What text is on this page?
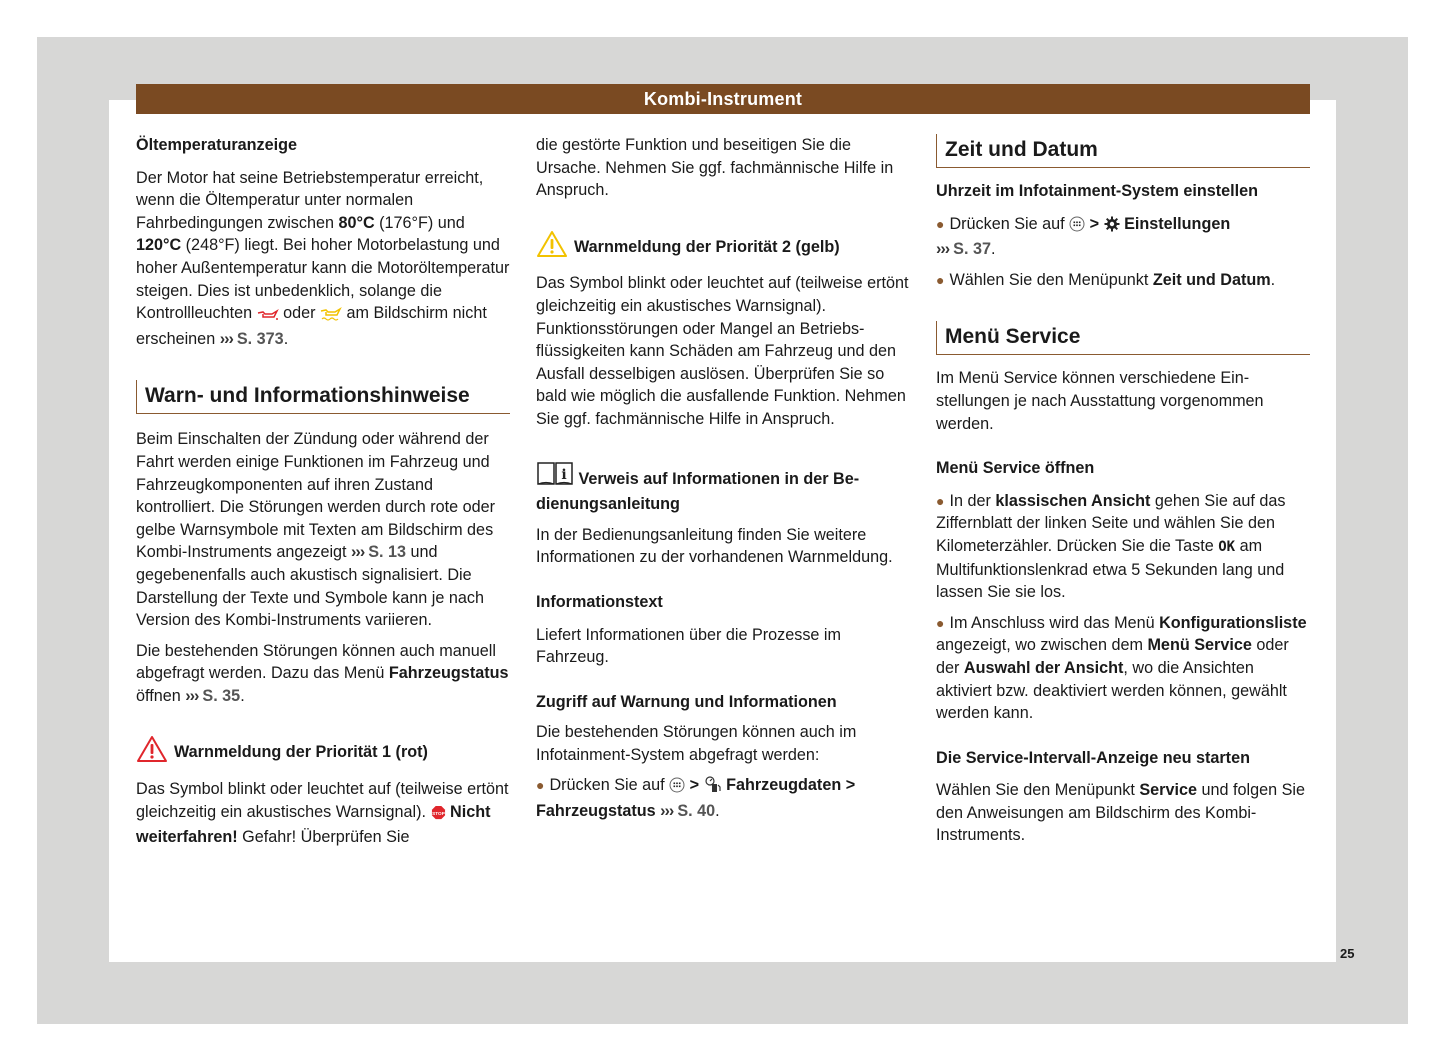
Kombi-Instrument

Öltemperaturanzeige

Der Motor hat seine Betriebstemperatur erreicht, wenn die Öltemperatur unter normalen Fahrbedingungen zwischen 80°C (176°F) und 120°C (248°F) liegt. Bei hoher Motorbelastung und hoher Außentemperatur kann die Motoröltemperatur steigen. Dies ist unbedenklich, solange die Kontrollleuchten  oder  am Bildschirm nicht erscheinen ››› S. 373.

Warn- und Informationshinweise

Beim Einschalten der Zündung oder während der Fahrt werden einige Funktionen im Fahrzeug und Fahrzeugkomponenten auf ihren Zustand kontrolliert. Die Störungen werden durch rote oder gelbe Warnsymbole mit Texten am Bildschirm des Kombi-Instruments angezeigt ››› S. 13 und gegebenenfalls auch akustisch signalisiert. Die Darstellung der Texte und Symbole kann je nach Version des Kombi-Instruments variieren.

Die bestehenden Störungen können auch manuell abgefragt werden. Dazu das Menü Fahrzeugstatus öffnen ››› S. 35.

Warnmeldung der Priorität 1 (rot)

Das Symbol blinkt oder leuchtet auf (teilweise ertönt gleichzeitig ein akustisches Warnsignal). STOP Nicht weiterfahren! Gefahr! Überprüfen Sie

die gestörte Funktion und beseitigen Sie die Ursache. Nehmen Sie ggf. fachmännische Hilfe in Anspruch.

Warnmeldung der Priorität 2 (gelb)

Das Symbol blinkt oder leuchtet auf (teilweise ertönt gleichzeitig ein akustisches Warnsignal). Funktionsstörungen oder Mangel an Betriebsflüssigkeiten kann Schäden am Fahrzeug und den Ausfall desselbigen auslösen. Überprüfen Sie so bald wie möglich die ausfallende Funktion. Nehmen Sie ggf. fachmännische Hilfe in Anspruch.

i Verweis auf Informationen in der Bedienungsanleitung

In der Bedienungsanleitung finden Sie weitere Informationen zu der vorhandenen Warnmeldung.

Informationstext

Liefert Informationen über die Prozesse im Fahrzeug.

Zugriff auf Warnung und Informationen

Die bestehenden Störungen können auch im Infotainment-System abgefragt werden:

● Drücken Sie auf  >  Fahrzeugdaten >
Fahrzeugstatus ››› S. 40.

Zeit und Datum

Uhrzeit im Infotainment-System einstellen

● Drücken Sie auf  >  Einstellungen
››› S. 37.

● Wählen Sie den Menüpunkt Zeit und Datum.

Menü Service

Im Menü Service können verschiedene Einstellungen je nach Ausstattung vorgenommen werden.

Menü Service öffnen

● In der klassischen Ansicht gehen Sie auf das Ziffernblatt der linken Seite und wählen Sie den Kilometerzähler. Drücken Sie die Taste OK am Multifunktionslenkrad etwa 5 Sekunden lang und lassen Sie sie los.

● Im Anschluss wird das Menü Konfigurationsliste angezeigt, wo zwischen dem Menü Service oder der Auswahl der Ansicht, wo die Ansichten aktiviert bzw. deaktiviert werden können, gewählt werden kann.

Die Service-Intervall-Anzeige neu starten

Wählen Sie den Menüpunkt Service und folgen Sie den Anweisungen am Bildschirm des Kombi-Instruments.

25
